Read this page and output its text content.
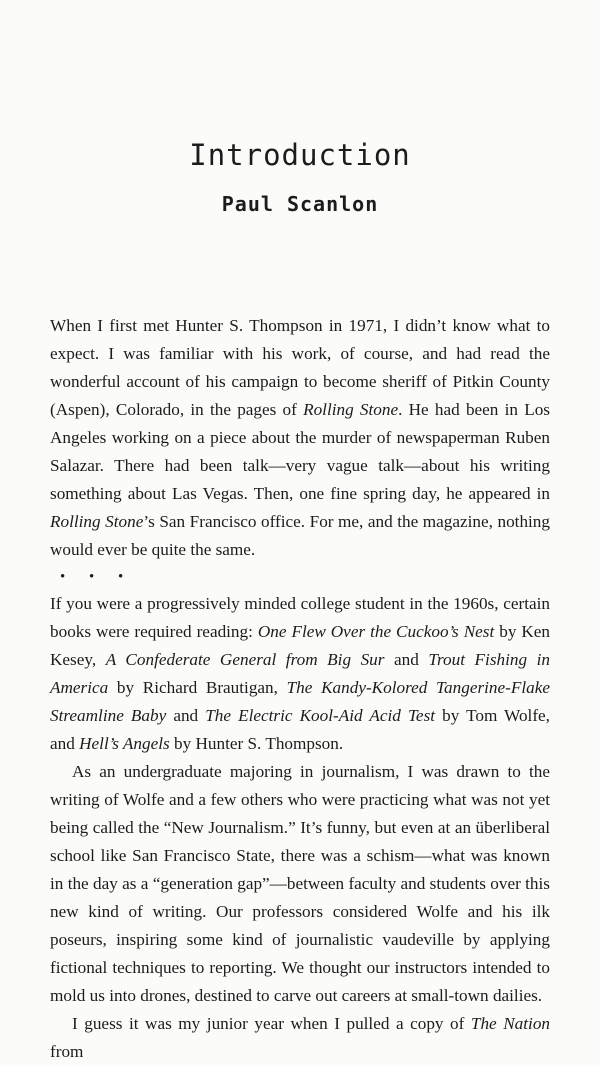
Introduction
Paul Scanlon

When I first met Hunter S. Thompson in 1971, I didn’t know what to expect. I was familiar with his work, of course, and had read the wonderful account of his campaign to become sheriff of Pitkin County (Aspen), Colorado, in the pages of Rolling Stone. He had been in Los Angeles working on a piece about the murder of newspaperman Ruben Salazar. There had been talk—very vague talk—about his writing something about Las Vegas. Then, one fine spring day, he appeared in Rolling Stone’s San Francisco office. For me, and the magazine, nothing would ever be quite the same.

• • •

If you were a progressively minded college student in the 1960s, certain books were required reading: One Flew Over the Cuckoo’s Nest by Ken Kesey, A Confederate General from Big Sur and Trout Fishing in America by Richard Brautigan, The Kandy-Kolored Tangerine-Flake Streamline Baby and The Electric Kool-Aid Acid Test by Tom Wolfe, and Hell’s Angels by Hunter S. Thompson.

As an undergraduate majoring in journalism, I was drawn to the writing of Wolfe and a few others who were practicing what was not yet being called the “New Journalism.” It’s funny, but even at an überliberal school like San Francisco State, there was a schism—what was known in the day as a “generation gap”—between faculty and students over this new kind of writing. Our professors considered Wolfe and his ilk poseurs, inspiring some kind of journalistic vaudeville by applying fictional techniques to reporting. We thought our instructors intended to mold us into drones, destined to carve out careers at small-town dailies.

I guess it was my junior year when I pulled a copy of The Nation from
